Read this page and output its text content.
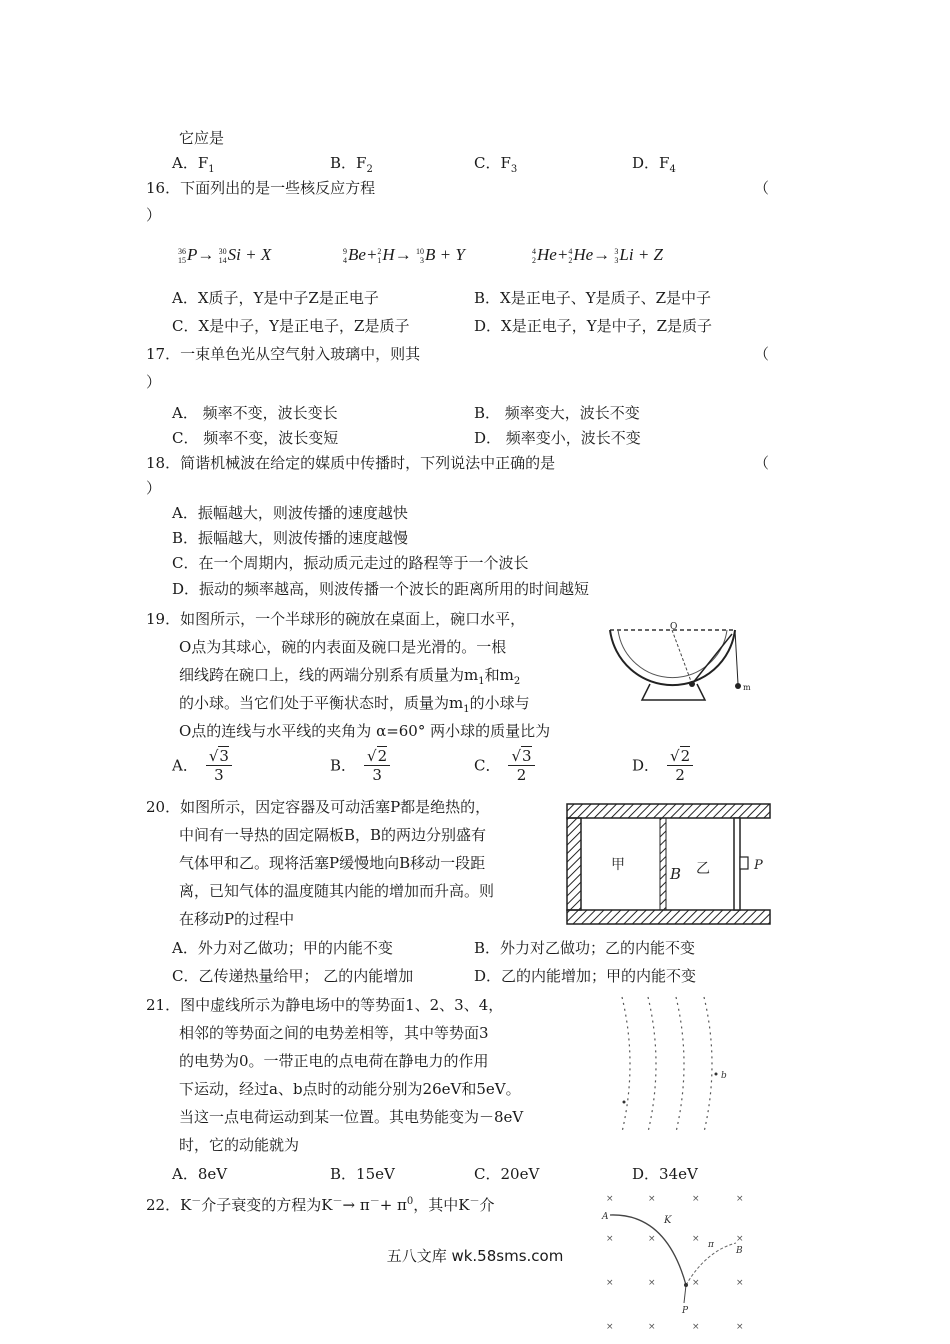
它应是
A．$F_1$	B．$F_2$	C．$F_3$	D．$F_4$
16．下面列出的是一些核反应方程	（
）
36
15P→ 30
14Si + X	9
4Be+2
1H→ 10
3B + Y	4
2He+4
2He→ 3
3Li + Z
A．X质子，Y是中子Z是正电子	B．X是正电子、Y是质子、Z是中子
C．X是中子，Y是正电子，Z是质子	D．X是正电子，Y是中子，Z是质子
17．一束单色光从空气射入玻璃中，则其	（
）
A． 频率不变，波长变长	B． 频率变大，波长不变
C． 频率不变，波长变短	D． 频率变小，波长不变
18．简谐机械波在给定的媒质中传播时，下列说法中正确的是	（
）
A．振幅越大，则波传播的速度越快
B．振幅越大，则波传播的速度越慢
C．在一个周期内，振动质元走过的路程等于一个波长
D．振动的频率越高，则波传播一个波长的距离所用的时间越短
19．如图所示，一个半球形的碗放在桌面上，碗口水平，
O点为其球心，碗的内表面及碗口是光滑的。一根
细线跨在碗口上，线的两端分别系有质量为$m_1$和$m_2$
的小球。当它们处于平衡状态时，质量为$m_1$的小球与
O点的连线与水平线的夹角为 α=60° 两小球的质量比为
A． $\frac{√3}{3}$	B． $\frac{√2}{3}$	C． $\frac{√3}{2}$	D． $\frac{√2}{2}$
O
m
20．如图所示，因定容器及可动活塞P都是绝热的，
中间有一导热的固定隔板B，B的两边分别盛有
气体甲和乙。现将活塞P缓慢地向B移动一段距
离，已知气体的温度随其内能的增加而升高。则
在移动P的过程中
A．外力对乙做功；甲的内能不变	B．外力对乙做功；乙的内能不变
C．乙传递热量给甲； 乙的内能增加	D．乙的内能增加；甲的内能不变
甲	B 乙	P
21．图中虚线所示为静电场中的等势面1、2、3、4，
相邻的等势面之间的电势差相等，其中等势面3
的电势为0。一带正电的点电荷在静电力的作用
下运动，经过a、b点时的动能分别为26eV和5eV。
当这一点电荷运动到某一位置。其电势能变为－8eV
时，它的动能就为
A．8eV	B．15eV	C．20eV	D．34eV
b
22．K－介子衰变的方程为$K^-\to \pi^-+ \pi^0$，其中K－介	×	×	×	×
×	×	×	×
×	×	×	×
×	×	×	×
A	K
π
B
P
五八文库 wk.58sms.com
